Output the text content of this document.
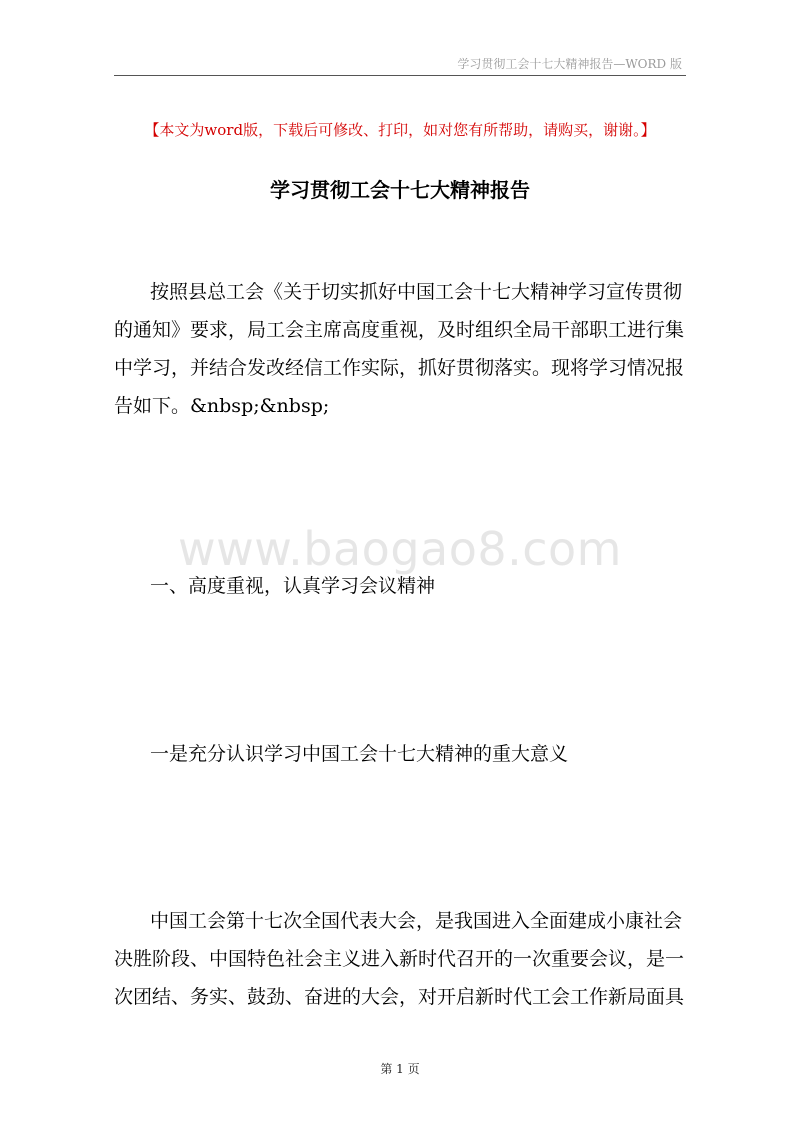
学习贯彻工会十七大精神报告—WORD 版
【本文为word版，下载后可修改、打印，如对您有所帮助，请购买，谢谢。】
学习贯彻工会十七大精神报告

按照县总工会《关于切实抓好中国工会十七大精神学习宣传贯彻的通知》要求，局工会主席高度重视，及时组织全局干部职工进行集中学习，并结合发改经信工作实际，抓好贯彻落实。现将学习情况报告如下。&nbsp;&nbsp;

www.baogao8.com
一、高度重视，认真学习会议精神
一是充分认识学习中国工会十七大精神的重大意义

中国工会第十七次全国代表大会，是我国进入全面建成小康社会决胜阶段、中国特色社会主义进入新时代召开的一次重要会议，是一次团结、务实、鼓劲、奋进的大会，对开启新时代工会工作新局面具

第 1 页
